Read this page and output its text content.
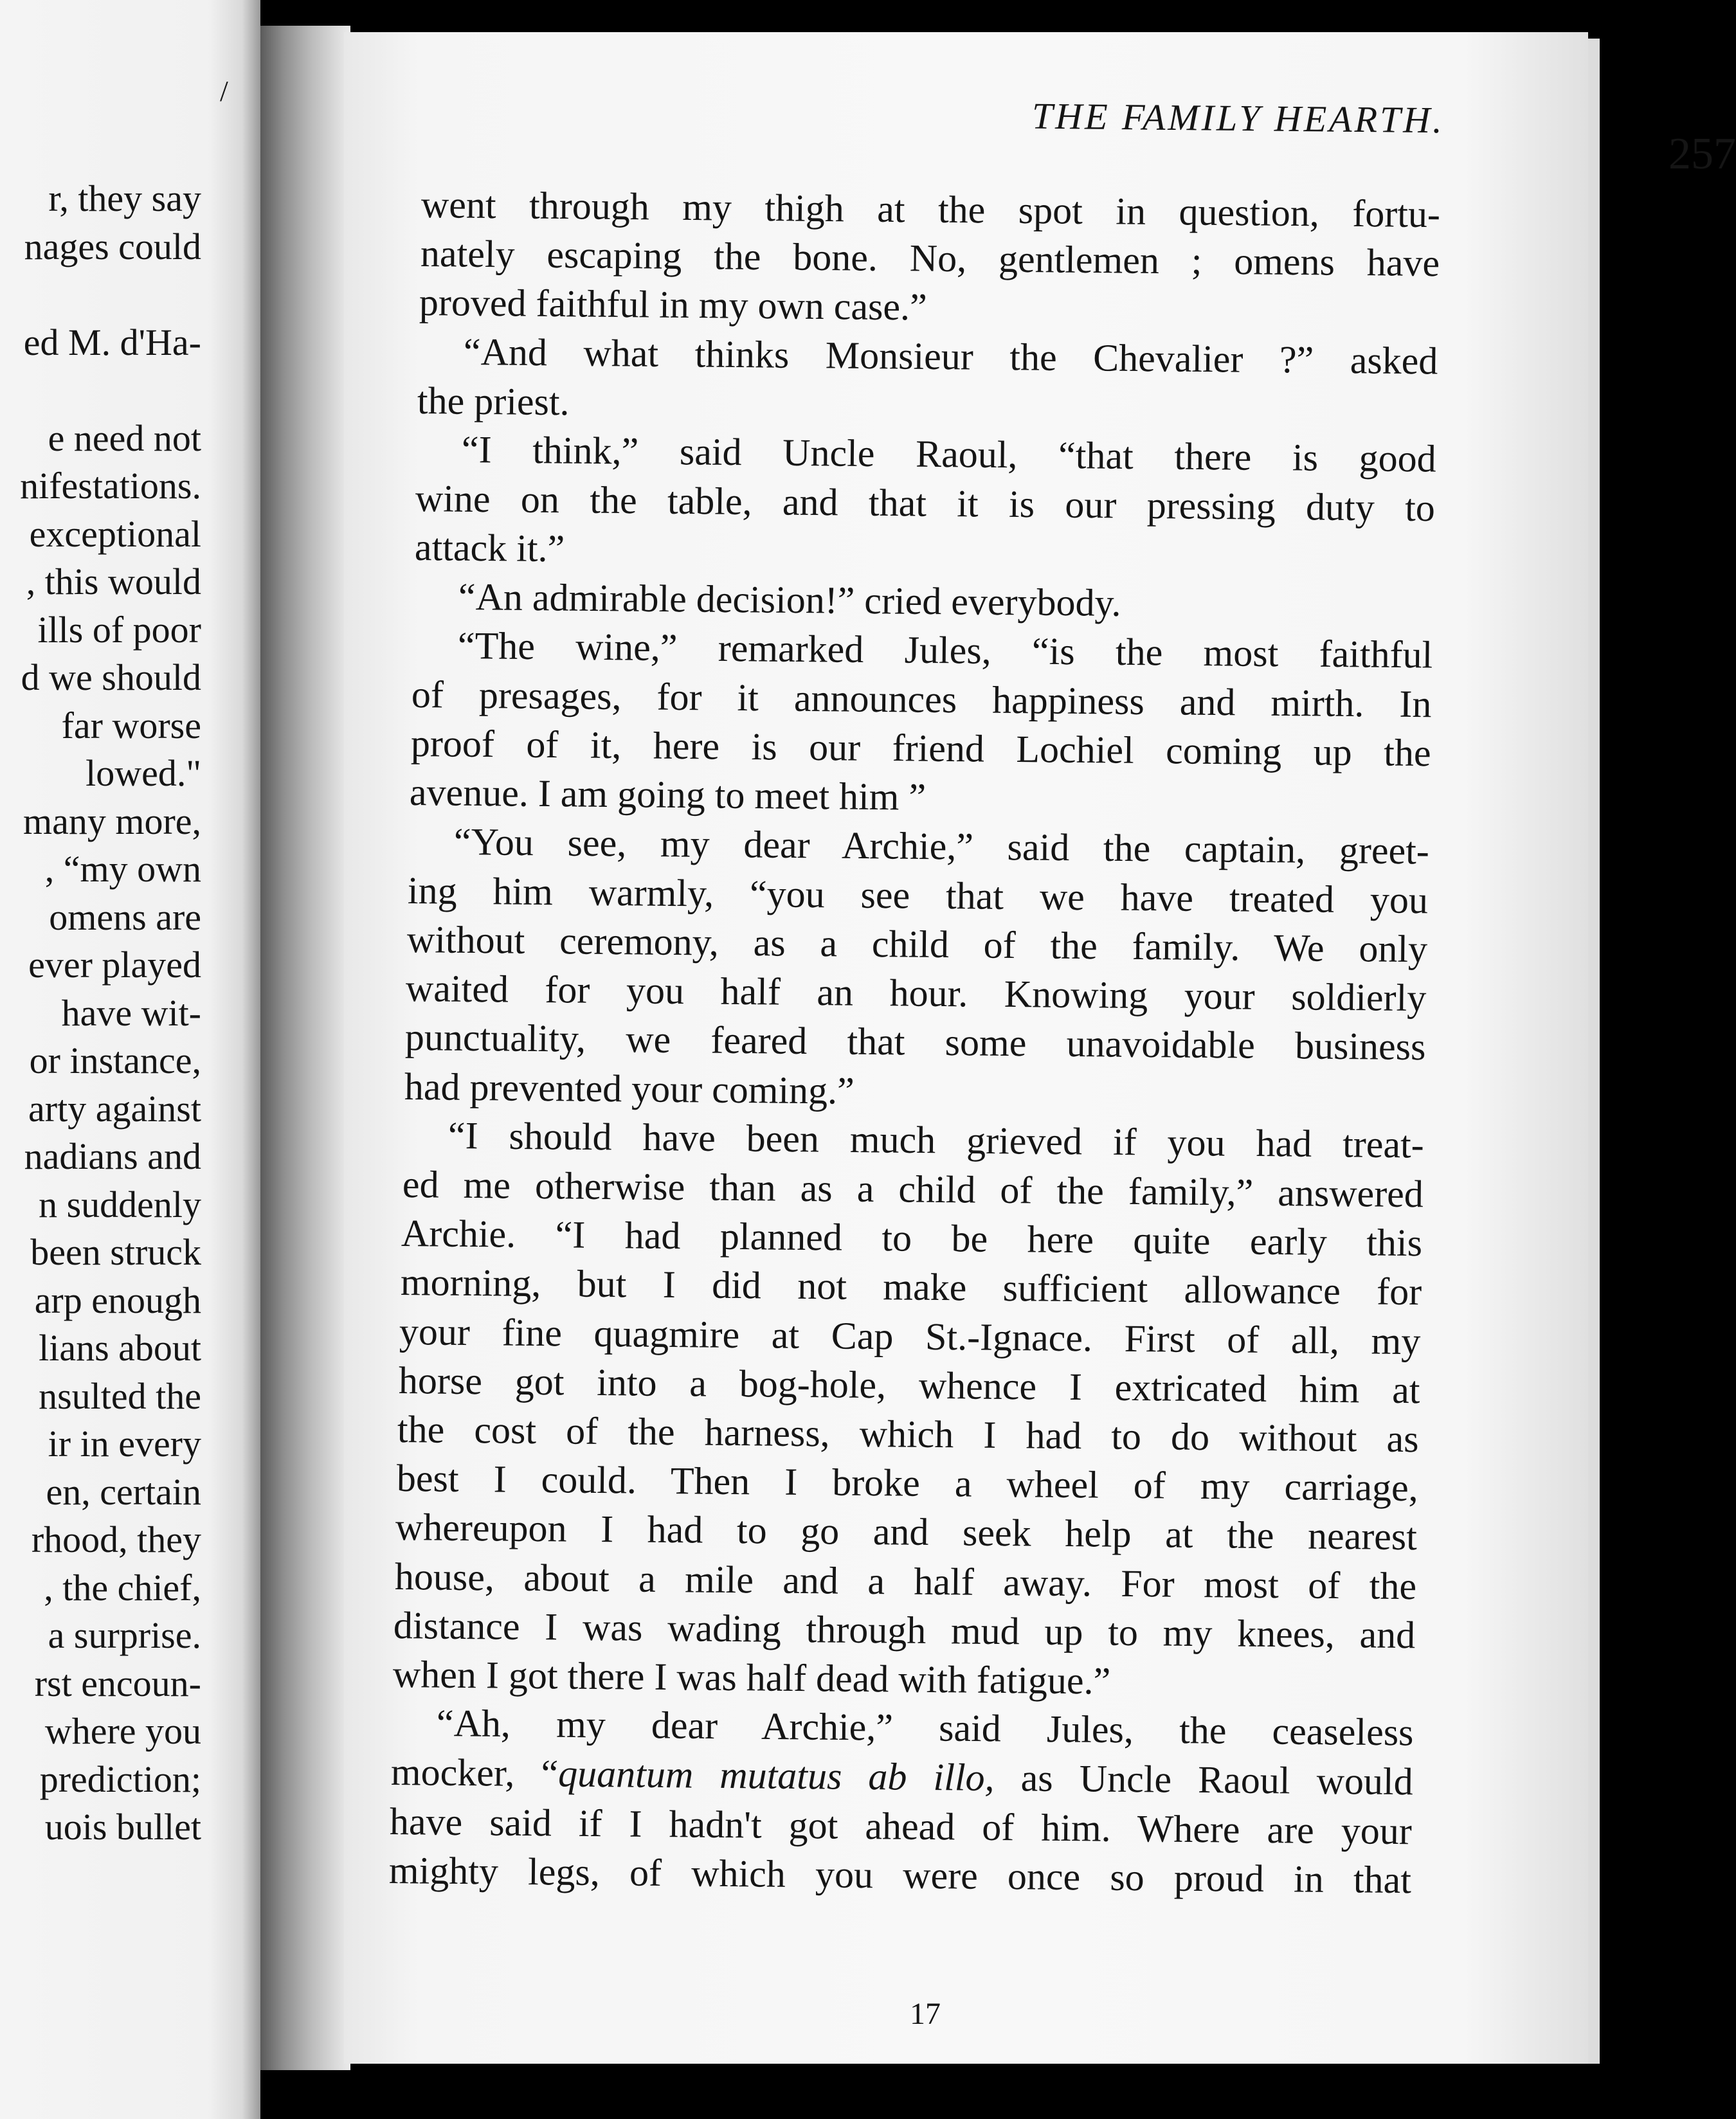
/
r, they say
nages could
ed M. d'Ha-
e need not
nifestations.
exceptional
, this would
ills of poor
d we should
far worse
lowed."
many more,
, “my own
omens are
ever played
have wit-
or instance,
arty against
nadians and
n suddenly
been struck
arp enough
lians about
nsulted the
ir in every
en, certain
rhood, they
, the chief,
a surprise.
rst encoun-
where you
prediction;
uois bullet
THE FAMILY HEARTH.
257
went through my thigh at the spot in question, fortu-
nately escaping the bone. No, gentlemen ; omens have
proved faithful in my own case.”
“And what thinks Monsieur the Chevalier ?” asked
the priest.
“I think,” said Uncle Raoul, “that there is good
wine on the table, and that it is our pressing duty to
attack it.”
“An admirable decision!” cried everybody.
“The wine,” remarked Jules, “is the most faithful
of presages, for it announces happiness and mirth. In
proof of it, here is our friend Lochiel coming up the
avenue. I am going to meet him ”
“You see, my dear Archie,” said the captain, greet-
ing him warmly, “you see that we have treated you
without ceremony, as a child of the family. We only
waited for you half an hour. Knowing your soldierly
punctuality, we feared that some unavoidable business
had prevented your coming.”
“I should have been much grieved if you had treat-
ed me otherwise than as a child of the family,” answered
Archie. “I had planned to be here quite early this
morning, but I did not make sufficient allowance for
your fine quagmire at Cap St.-Ignace. First of all, my
horse got into a bog-hole, whence I extricated him at
the cost of the harness, which I had to do without as
best I could. Then I broke a wheel of my carriage,
whereupon I had to go and seek help at the nearest
house, about a mile and a half away. For most of the
distance I was wading through mud up to my knees, and
when I got there I was half dead with fatigue.”
“Ah, my dear Archie,” said Jules, the ceaseless
mocker, “quantum mutatus ab illo, as Uncle Raoul would
have said if I hadn't got ahead of him. Where are your
mighty legs, of which you were once so proud in that
17
